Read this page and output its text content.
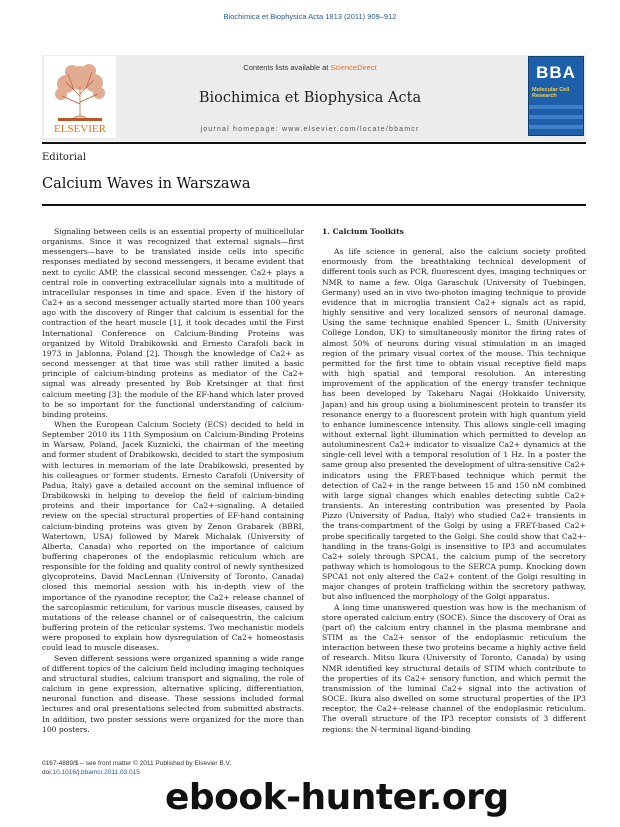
Biochimica et Biophysica Acta 1813 (2011) 909–912
ELSEVIER
Contents lists available at ScienceDirect
Biochimica et Biophysica Acta
journal homepage: www.elsevier.com/locate/bbamcr
BBA
Molecular Cell
Research
Editorial
Calcium Waves in Warszawa

Signaling between cells is an essential property of multicellular organisms. Since it was recognized that external signals—first messengers—have to be translated inside cells into specific responses mediated by second messengers, it became evident that next to cyclic AMP, the classical second messenger, Ca2+ plays a central role in converting extracellular signals into a multitude of intracellular responses in time and space. Even if the history of Ca2+ as a second messenger actually started more than 100 years ago with the discovery of Ringer that calcium is essential for the contraction of the heart muscle [1], it took decades until the First International Conference on Calcium-Binding Proteins was organized by Witold Drabikowski and Ernesto Carafoli back in 1973 in Jablonna, Poland [2]. Though the knowledge of Ca2+ as second messenger at that time was still rather limited a basic principle of calcium-binding proteins as mediator of the Ca2+ signal was already presented by Bob Kretsinger at that first calcium meeting [3]: the module of the EF-hand which later proved to be so important for the functional understanding of calcium-binding proteins.

When the European Calcium Society (ECS) decided to held in September 2010 its 11th Symposium on Calcium-Binding Proteins in Warsaw, Poland, Jacek Kuznicki, the chairman of the meeting and former student of Drabikowski, decided to start the symposium with lectures in memoriam of the late Drabikowski, presented by his colleagues or former students. Ernesto Carafoli (University of Padua, Italy) gave a detailed account on the seminal influence of Drabikowski in helping to develop the field of calcium-binding proteins and their importance for Ca2+-signaling. A detailed review on the special structural properties of EF-hand containing calcium-binding proteins was given by Zenon Grabarek (BBRI, Watertown, USA) followed by Marek Michalak (University of Alberta, Canada) who reported on the importance of calcium buffering chaperones of the endoplasmic reticulum which are responsible for the folding and quality control of newly synthesized glycoproteins. David MacLennan (University of Toronto, Canada) closed this memorial session with his in-depth view of the importance of the ryanodine receptor, the Ca2+ release channel of the sarcoplasmic reticulum, for various muscle diseases, caused by mutations of the release channel or of calsequestrin, the calcium buffering protein of the reticular systems. Two mechanistic models were proposed to explain how dysregulation of Ca2+ homeostasis could lead to muscle diseases.

Seven different sessions were organized spanning a wide range of different topics of the calcium field including imaging techniques and structural studies, calcium transport and signaling, the role of calcium in gene expression, alternative splicing, differentiation, neuronal function and disease. These sessions included formal lectures and oral presentations selected from submitted abstracts. In addition, two poster sessions were organized for the more than 100 posters.

1. Calcium Toolkits

As life science in general, also the calcium society profited enormously from the breathtaking technical development of different tools such as PCR, fluorescent dyes, imaging techniques or NMR to name a few. Olga Garaschuk (University of Tuebingen, Germany) used an in vivo two-photon imaging technique to provide evidence that in microglia transient Ca2+ signals act as rapid, highly sensitive and very localized sensors of neuronal damage. Using the same technique enabled Spencer L. Smith (University College London, UK) to simultaneously monitor the firing rates of almost 50% of neurons during visual stimulation in an imaged region of the primary visual cortex of the mouse. This technique permitted for the first time to obtain visual receptive field maps with high spatial and temporal resolution. An interesting improvement of the application of the energy transfer technique has been developed by Takeharu Nagai (Hokkaido University, Japan) and his group using a bioluminescent protein to transfer its resonance energy to a fluorescent protein with high quantum yield to enhance luminescence intensity. This allows single-cell imaging without external light illumination which permitted to develop an autoluminescent Ca2+ indicator to visualize Ca2+ dynamics at the single-cell level with a temporal resolution of 1 Hz. In a poster the same group also presented the development of ultra-sensitive Ca2+ indicators using the FRET-based technique which permit the detection of Ca2+ in the range between 15 and 150 nM combined with large signal changes which enables detecting subtle Ca2+ transients. An interesting contribution was presented by Paola Pizzo (University of Padua, Italy) who studied Ca2+ transients in the trans-compartment of the Golgi by using a FRET-based Ca2+ probe specifically targeted to the Golgi. She could show that Ca2+-handling in the trans-Golgi is insensitive to IP3 and accumulates Ca2+ solely through SPCA1, the calcium pump of the secretory pathway which is homologous to the SERCA pump. Knocking down SPCA1 not only altered the Ca2+ content of the Golgi resulting in major changes of protein trafficking within the secretory pathway, but also influenced the morphology of the Golgi apparatus.

A long time unanswered question was how is the mechanism of store operated calcium entry (SOCE). Since the discovery of Orai as (part of) the calcium entry channel in the plasma membrane and STIM as the Ca2+ sensor of the endoplasmic reticulum the interaction between these two proteins became a highly active field of research. Mitsu Ikura (University of Toronto, Canada) by using NMR identified key structural details of STIM which contribute to the properties of its Ca2+ sensory function, and which permit the transmission of the luminal Ca2+ signal into the activation of SOCE. Ikura also dwelled on some structural properties of the IP3 receptor, the Ca2+-release channel of the endoplasmic reticulum. The overall structure of the IP3 receptor consists of 3 different regions: the N-terminal ligand-binding

0167-4889/$ – see front matter © 2011 Published by Elsevier B.V.
doi:10.1016/j.bbamcr.2011.03.015
ebook-hunter.org
